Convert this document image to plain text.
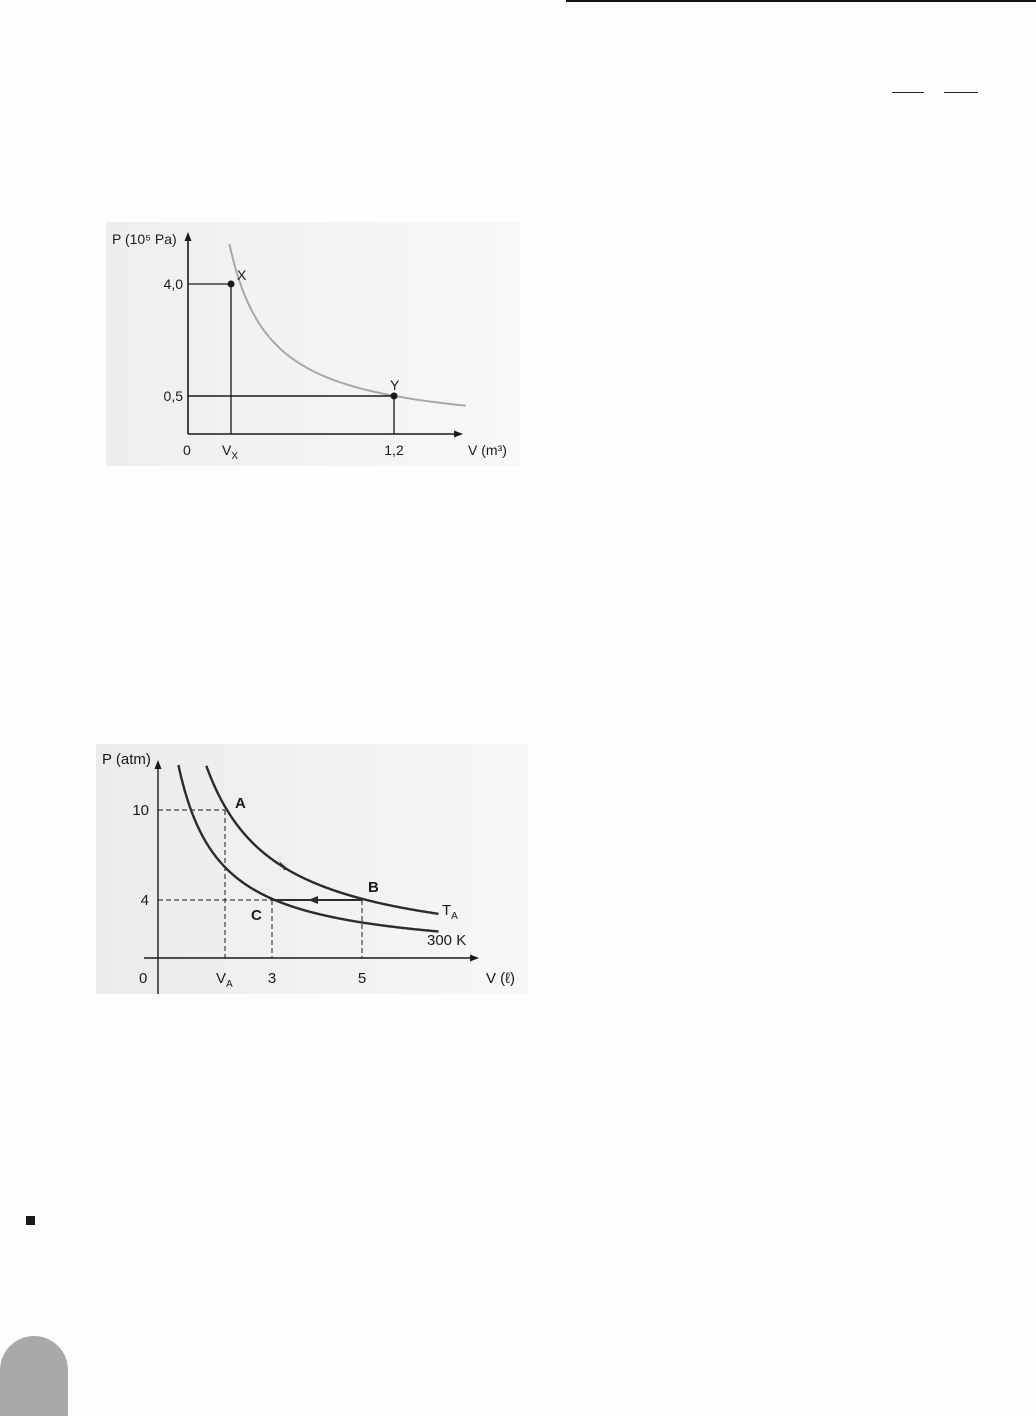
P (10⁵ Pa)
X
Y
4,0
0,5
0 $V_X$	1,2	V (m³)
P (atm)
10
4
0	$V_A$ 3	5	V (ℓ)
A
B
C	$T_A$
300 K
